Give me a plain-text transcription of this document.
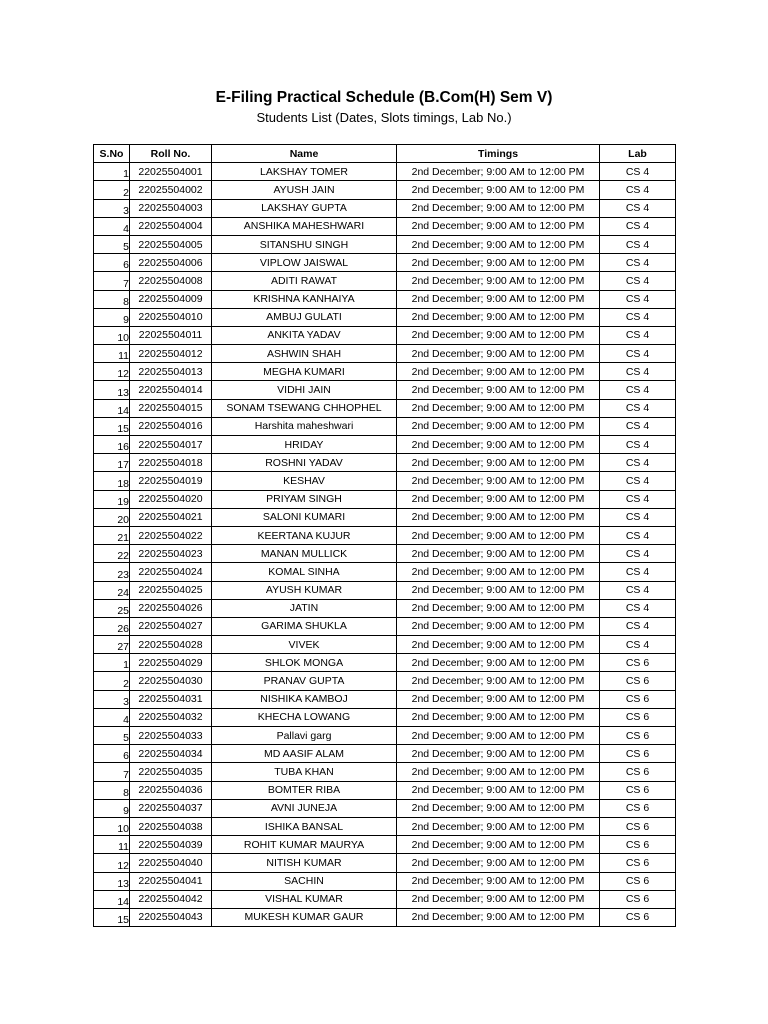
E-Filing Practical Schedule (B.Com(H) Sem V)
Students List (Dates, Slots timings, Lab No.)
S.No	Roll No.	Name	Timings	Lab
1	22025504001	LAKSHAY TOMER	2nd December; 9:00 AM to 12:00 PM	CS 4
2	22025504002	AYUSH JAIN	2nd December; 9:00 AM to 12:00 PM	CS 4
3	22025504003	LAKSHAY GUPTA	2nd December; 9:00 AM to 12:00 PM	CS 4
4	22025504004	ANSHIKA MAHESHWARI	2nd December; 9:00 AM to 12:00 PM	CS 4
5	22025504005	SITANSHU SINGH	2nd December; 9:00 AM to 12:00 PM	CS 4
6	22025504006	VIPLOW JAISWAL	2nd December; 9:00 AM to 12:00 PM	CS 4
7	22025504008	ADITI RAWAT	2nd December; 9:00 AM to 12:00 PM	CS 4
8	22025504009	KRISHNA KANHAIYA	2nd December; 9:00 AM to 12:00 PM	CS 4
9	22025504010	AMBUJ GULATI	2nd December; 9:00 AM to 12:00 PM	CS 4
10	22025504011	ANKITA YADAV	2nd December; 9:00 AM to 12:00 PM	CS 4
11	22025504012	ASHWIN SHAH	2nd December; 9:00 AM to 12:00 PM	CS 4
12	22025504013	MEGHA KUMARI	2nd December; 9:00 AM to 12:00 PM	CS 4
13	22025504014	VIDHI JAIN	2nd December; 9:00 AM to 12:00 PM	CS 4
14	22025504015	SONAM TSEWANG CHHOPHEL	2nd December; 9:00 AM to 12:00 PM	CS 4
15	22025504016	Harshita maheshwari	2nd December; 9:00 AM to 12:00 PM	CS 4
16	22025504017	HRIDAY	2nd December; 9:00 AM to 12:00 PM	CS 4
17	22025504018	ROSHNI YADAV	2nd December; 9:00 AM to 12:00 PM	CS 4
18	22025504019	KESHAV	2nd December; 9:00 AM to 12:00 PM	CS 4
19	22025504020	PRIYAM SINGH	2nd December; 9:00 AM to 12:00 PM	CS 4
20	22025504021	SALONI KUMARI	2nd December; 9:00 AM to 12:00 PM	CS 4
21	22025504022	KEERTANA KUJUR	2nd December; 9:00 AM to 12:00 PM	CS 4
22	22025504023	MANAN MULLICK	2nd December; 9:00 AM to 12:00 PM	CS 4
23	22025504024	KOMAL SINHA	2nd December; 9:00 AM to 12:00 PM	CS 4
24	22025504025	AYUSH KUMAR	2nd December; 9:00 AM to 12:00 PM	CS 4
25	22025504026	JATIN	2nd December; 9:00 AM to 12:00 PM	CS 4
26	22025504027	GARIMA SHUKLA	2nd December; 9:00 AM to 12:00 PM	CS 4
27	22025504028	VIVEK	2nd December; 9:00 AM to 12:00 PM	CS 4
1	22025504029	SHLOK MONGA	2nd December; 9:00 AM to 12:00 PM	CS 6
2	22025504030	PRANAV GUPTA	2nd December; 9:00 AM to 12:00 PM	CS 6
3	22025504031	NISHIKA KAMBOJ	2nd December; 9:00 AM to 12:00 PM	CS 6
4	22025504032	KHECHA LOWANG	2nd December; 9:00 AM to 12:00 PM	CS 6
5	22025504033	Pallavi garg	2nd December; 9:00 AM to 12:00 PM	CS 6
6	22025504034	MD AASIF ALAM	2nd December; 9:00 AM to 12:00 PM	CS 6
7	22025504035	TUBA KHAN	2nd December; 9:00 AM to 12:00 PM	CS 6
8	22025504036	BOMTER RIBA	2nd December; 9:00 AM to 12:00 PM	CS 6
9	22025504037	AVNI JUNEJA	2nd December; 9:00 AM to 12:00 PM	CS 6
10	22025504038	ISHIKA BANSAL	2nd December; 9:00 AM to 12:00 PM	CS 6
11	22025504039	ROHIT KUMAR MAURYA	2nd December; 9:00 AM to 12:00 PM	CS 6
12	22025504040	NITISH KUMAR	2nd December; 9:00 AM to 12:00 PM	CS 6
13	22025504041	SACHIN	2nd December; 9:00 AM to 12:00 PM	CS 6
14	22025504042	VISHAL KUMAR	2nd December; 9:00 AM to 12:00 PM	CS 6
15	22025504043	MUKESH KUMAR GAUR	2nd December; 9:00 AM to 12:00 PM	CS 6
